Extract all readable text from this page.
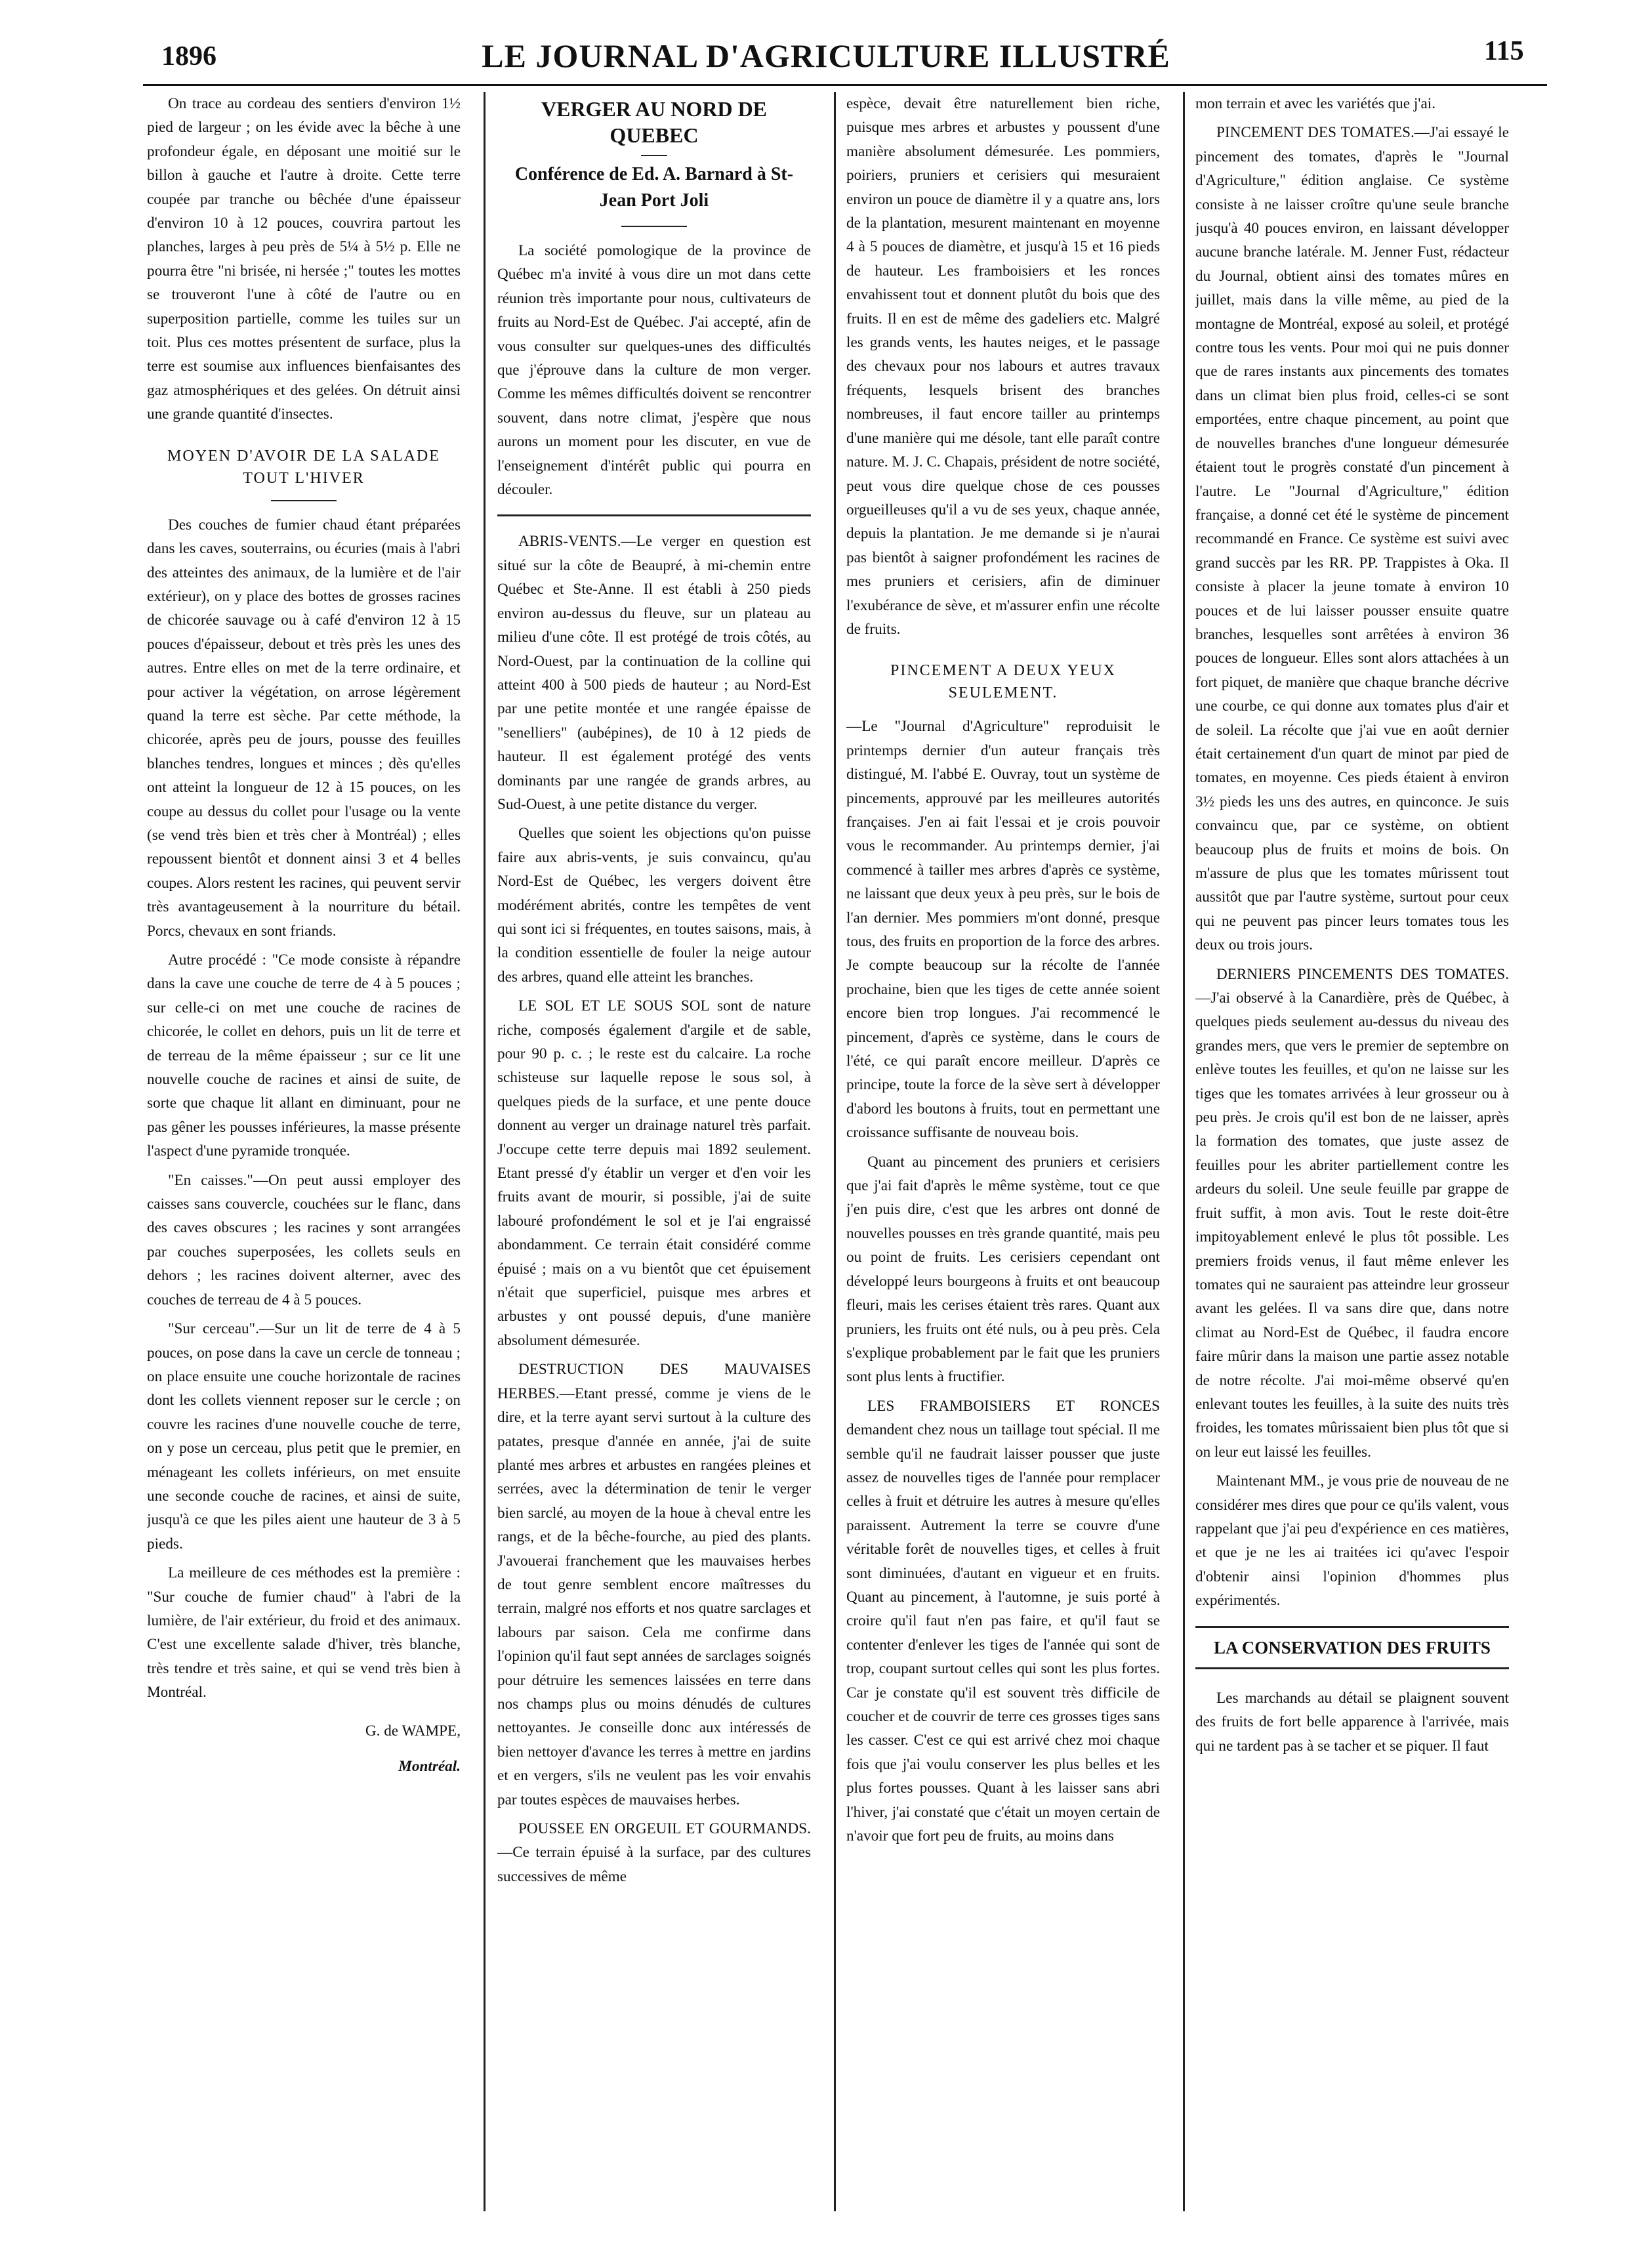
1896	LE JOURNAL D'AGRICULTURE ILLUSTRÉ	115

On trace au cordeau des sentiers d'environ 1½ pied de largeur ; on les évide avec la bêche à une profondeur égale, en déposant une moitié sur le billon à gauche et l'autre à droite. Cette terre coupée par tranche ou bêchée d'une épaisseur d'environ 10 à 12 pouces, couvrira partout les planches, larges à peu près de 5¼ à 5½ p. Elle ne pourra être "ni brisée, ni hersée ;" toutes les mottes se trouveront l'une à côté de l'autre ou en superposition partielle, comme les tuiles sur un toit. Plus ces mottes présentent de surface, plus la terre est soumise aux influences bienfaisantes des gaz atmosphériques et des gelées. On détruit ainsi une grande quantité d'insectes.

MOYEN D'AVOIR DE LA SALADE TOUT L'HIVER

Des couches de fumier chaud étant préparées dans les caves, souterrains, ou écuries (mais à l'abri des atteintes des animaux, de la lumière et de l'air extérieur), on y place des bottes de grosses racines de chicorée sauvage ou à café d'environ 12 à 15 pouces d'épaisseur, debout et très près les unes des autres. Entre elles on met de la terre ordinaire, et pour activer la végétation, on arrose légèrement quand la terre est sèche. Par cette méthode, la chicorée, après peu de jours, pousse des feuilles blanches tendres, longues et minces ; dès qu'elles ont atteint la longueur de 12 à 15 pouces, on les coupe au dessus du collet pour l'usage ou la vente (se vend très bien et très cher à Montréal) ; elles repoussent bientôt et donnent ainsi 3 et 4 belles coupes. Alors restent les racines, qui peuvent servir très avantageusement à la nourriture du bétail. Porcs, chevaux en sont friands.

Autre procédé : "Ce mode consiste à répandre dans la cave une couche de terre de 4 à 5 pouces ; sur celle-ci on met une couche de racines de chicorée, le collet en dehors, puis un lit de terre et de terreau de la même épaisseur ; sur ce lit une nouvelle couche de racines et ainsi de suite, de sorte que chaque lit allant en diminuant, pour ne pas gêner les pousses inférieures, la masse présente l'aspect d'une pyramide tronquée.

"En caisses."—On peut aussi employer des caisses sans couvercle, couchées sur le flanc, dans des caves obscures ; les racines y sont arrangées par couches superposées, les collets seuls en dehors ; les racines doivent alterner, avec des couches de terreau de 4 à 5 pouces.

"Sur cerceau".—Sur un lit de terre de 4 à 5 pouces, on pose dans la cave un cercle de tonneau ; on place ensuite une couche horizontale de racines dont les collets viennent reposer sur le cercle ; on couvre les racines d'une nouvelle couche de terre, on y pose un cerceau, plus petit que le premier, en ménageant les collets inférieurs, on met ensuite une seconde couche de racines, et ainsi de suite, jusqu'à ce que les piles aient une hauteur de 3 à 5 pieds.

La meilleure de ces méthodes est la première : "Sur couche de fumier chaud" à l'abri de la lumière, de l'air extérieur, du froid et des animaux. C'est une excellente salade d'hiver, très blanche, très tendre et très saine, et qui se vend très bien à Montréal.

G. de WAMPE,
Montréal.
VERGER AU NORD DE QUEBEC
Conférence de Ed. A. Barnard à St-Jean Port Joli

La société pomologique de la province de Québec m'a invité à vous dire un mot dans cette réunion très importante pour nous, cultivateurs de fruits au Nord-Est de Québec. J'ai accepté, afin de vous consulter sur quelques-unes des difficultés que j'éprouve dans la culture de mon verger. Comme les mêmes difficultés doivent se rencontrer souvent, dans notre climat, j'espère que nous aurons un moment pour les discuter, en vue de l'enseignement d'intérêt public qui pourra en découler.

ABRIS-VENTS.—Le verger en question est situé sur la côte de Beaupré, à mi-chemin entre Québec et Ste-Anne. Il est établi à 250 pieds environ au-dessus du fleuve, sur un plateau au milieu d'une côte. Il est protégé de trois côtés, au Nord-Ouest, par la continuation de la colline qui atteint 400 à 500 pieds de hauteur ; au Nord-Est par une petite montée et une rangée épaisse de "senelliers" (aubépines), de 10 à 12 pieds de hauteur. Il est également protégé des vents dominants par une rangée de grands arbres, au Sud-Ouest, à une petite distance du verger.

Quelles que soient les objections qu'on puisse faire aux abris-vents, je suis convaincu, qu'au Nord-Est de Québec, les vergers doivent être modérément abrités, contre les tempêtes de vent qui sont ici si fréquentes, en toutes saisons, mais, à la condition essentielle de fouler la neige autour des arbres, quand elle atteint les branches.

LE SOL ET LE SOUS SOL sont de nature riche, composés également d'argile et de sable, pour 90 p. c. ; le reste est du calcaire. La roche schisteuse sur laquelle repose le sous sol, à quelques pieds de la surface, et une pente douce donnent au verger un drainage naturel très parfait. J'occupe cette terre depuis mai 1892 seulement. Etant pressé d'y établir un verger et d'en voir les fruits avant de mourir, si possible, j'ai de suite labouré profondément le sol et je l'ai engraissé abondamment. Ce terrain était considéré comme épuisé ; mais on a vu bientôt que cet épuisement n'était que superficiel, puisque mes arbres et arbustes y ont poussé depuis, d'une manière absolument démesurée.

DESTRUCTION DES MAUVAISES HERBES.—Etant pressé, comme je viens de le dire, et la terre ayant servi surtout à la culture des patates, presque d'année en année, j'ai de suite planté mes arbres et arbustes en rangées pleines et serrées, avec la détermination de tenir le verger bien sarclé, au moyen de la houe à cheval entre les rangs, et de la bêche-fourche, au pied des plants. J'avouerai franchement que les mauvaises herbes de tout genre semblent encore maîtresses du terrain, malgré nos efforts et nos quatre sarclages et labours par saison. Cela me confirme dans l'opinion qu'il faut sept années de sarclages soignés pour détruire les semences laissées en terre dans nos champs plus ou moins dénudés de cultures nettoyantes. Je conseille donc aux intéressés de bien nettoyer d'avance les terres à mettre en jardins et en vergers, s'ils ne veulent pas les voir envahis par toutes espèces de mauvaises herbes.

POUSSEE EN ORGEUIL ET GOURMANDS.—Ce terrain épuisé à la surface, par des cultures successives de même

espèce, devait être naturellement bien riche, puisque mes arbres et arbustes y poussent d'une manière absolument démesurée. Les pommiers, poiriers, pruniers et cerisiers qui mesuraient environ un pouce de diamètre il y a quatre ans, lors de la plantation, mesurent maintenant en moyenne 4 à 5 pouces de diamètre, et jusqu'à 15 et 16 pieds de hauteur. Les framboisiers et les ronces envahissent tout et donnent plutôt du bois que des fruits. Il en est de même des gadeliers etc. Malgré les grands vents, les hautes neiges, et le passage des chevaux pour nos labours et autres travaux fréquents, lesquels brisent des branches nombreuses, il faut encore tailler au printemps d'une manière qui me désole, tant elle paraît contre nature. M. J. C. Chapais, président de notre société, peut vous dire quelque chose de ces pousses orgueilleuses qu'il a vu de ses yeux, chaque année, depuis la plantation. Je me demande si je n'aurai pas bientôt à saigner profondément les racines de mes pruniers et cerisiers, afin de diminuer l'exubérance de sève, et m'assurer enfin une récolte de fruits.

PINCEMENT A DEUX YEUX SEULEMENT.

—Le "Journal d'Agriculture" reproduisit le printemps dernier d'un auteur français très distingué, M. l'abbé E. Ouvray, tout un système de pincements, approuvé par les meilleures autorités françaises. J'en ai fait l'essai et je crois pouvoir vous le recommander. Au printemps dernier, j'ai commencé à tailler mes arbres d'après ce système, ne laissant que deux yeux à peu près, sur le bois de l'an dernier. Mes pommiers m'ont donné, presque tous, des fruits en proportion de la force des arbres. Je compte beaucoup sur la récolte de l'année prochaine, bien que les tiges de cette année soient encore bien trop longues. J'ai recommencé le pincement, d'après ce système, dans le cours de l'été, ce qui paraît encore meilleur. D'après ce principe, toute la force de la sève sert à développer d'abord les boutons à fruits, tout en permettant une croissance suffisante de nouveau bois.

Quant au pincement des pruniers et cerisiers que j'ai fait d'après le même système, tout ce que j'en puis dire, c'est que les arbres ont donné de nouvelles pousses en très grande quantité, mais peu ou point de fruits. Les cerisiers cependant ont développé leurs bourgeons à fruits et ont beaucoup fleuri, mais les cerises étaient très rares. Quant aux pruniers, les fruits ont été nuls, ou à peu près. Cela s'explique probablement par le fait que les pruniers sont plus lents à fructifier.

LES FRAMBOISIERS ET RONCES demandent chez nous un taillage tout spécial. Il me semble qu'il ne faudrait laisser pousser que juste assez de nouvelles tiges de l'année pour remplacer celles à fruit et détruire les autres à mesure qu'elles paraissent. Autrement la terre se couvre d'une véritable forêt de nouvelles tiges, et celles à fruit sont diminuées, d'autant en vigueur et en fruits. Quant au pincement, à l'automne, je suis porté à croire qu'il faut n'en pas faire, et qu'il faut se contenter d'enlever les tiges de l'année qui sont de trop, coupant surtout celles qui sont les plus fortes. Car je constate qu'il est souvent très difficile de coucher et de couvrir de terre ces grosses tiges sans les casser. C'est ce qui est arrivé chez moi chaque fois que j'ai voulu conserver les plus belles et les plus fortes pousses. Quant à les laisser sans abri l'hiver, j'ai constaté que c'était un moyen certain de n'avoir que fort peu de fruits, au moins dans

mon terrain et avec les variétés que j'ai.

PINCEMENT DES TOMATES.—J'ai essayé le pincement des tomates, d'après le "Journal d'Agriculture," édition anglaise. Ce système consiste à ne laisser croître qu'une seule branche jusqu'à 40 pouces environ, en laissant développer aucune branche latérale. M. Jenner Fust, rédacteur du Journal, obtient ainsi des tomates mûres en juillet, mais dans la ville même, au pied de la montagne de Montréal, exposé au soleil, et protégé contre tous les vents. Pour moi qui ne puis donner que de rares instants aux pincements des tomates dans un climat bien plus froid, celles-ci se sont emportées, entre chaque pincement, au point que de nouvelles branches d'une longueur démesurée étaient tout le progrès constaté d'un pincement à l'autre. Le "Journal d'Agriculture," édition française, a donné cet été le système de pincement recommandé en France. Ce système est suivi avec grand succès par les RR. PP. Trappistes à Oka. Il consiste à placer la jeune tomate à environ 10 pouces et de lui laisser pousser ensuite quatre branches, lesquelles sont arrêtées à environ 36 pouces de longueur. Elles sont alors attachées à un fort piquet, de manière que chaque branche décrive une courbe, ce qui donne aux tomates plus d'air et de soleil. La récolte que j'ai vue en août dernier était certainement d'un quart de minot par pied de tomates, en moyenne. Ces pieds étaient à environ 3½ pieds les uns des autres, en quinconce. Je suis convaincu que, par ce système, on obtient beaucoup plus de fruits et moins de bois. On m'assure de plus que les tomates mûrissent tout aussitôt que par l'autre système, surtout pour ceux qui ne peuvent pas pincer leurs tomates tous les deux ou trois jours.

DERNIERS PINCEMENTS DES TOMATES.—J'ai observé à la Canardière, près de Québec, à quelques pieds seulement au-dessus du niveau des grandes mers, que vers le premier de septembre on enlève toutes les feuilles, et qu'on ne laisse sur les tiges que les tomates arrivées à leur grosseur ou à peu près. Je crois qu'il est bon de ne laisser, après la formation des tomates, que juste assez de feuilles pour les abriter partiellement contre les ardeurs du soleil. Une seule feuille par grappe de fruit suffit, à mon avis. Tout le reste doit-être impitoyablement enlevé le plus tôt possible. Les premiers froids venus, il faut même enlever les tomates qui ne sauraient pas atteindre leur grosseur avant les gelées. Il va sans dire que, dans notre climat au Nord-Est de Québec, il faudra encore faire mûrir dans la maison une partie assez notable de notre récolte. J'ai moi-même observé qu'en enlevant toutes les feuilles, à la suite des nuits très froides, les tomates mûrissaient bien plus tôt que si on leur eut laissé les feuilles.

Maintenant MM., je vous prie de nouveau de ne considérer mes dires que pour ce qu'ils valent, vous rappelant que j'ai peu d'expérience en ces matières, et que je ne les ai traitées ici qu'avec l'espoir d'obtenir ainsi l'opinion d'hommes plus expérimentés.

LA CONSERVATION DES FRUITS

Les marchands au détail se plaignent souvent des fruits de fort belle apparence à l'arrivée, mais qui ne tardent pas à se tacher et se piquer. Il faut
